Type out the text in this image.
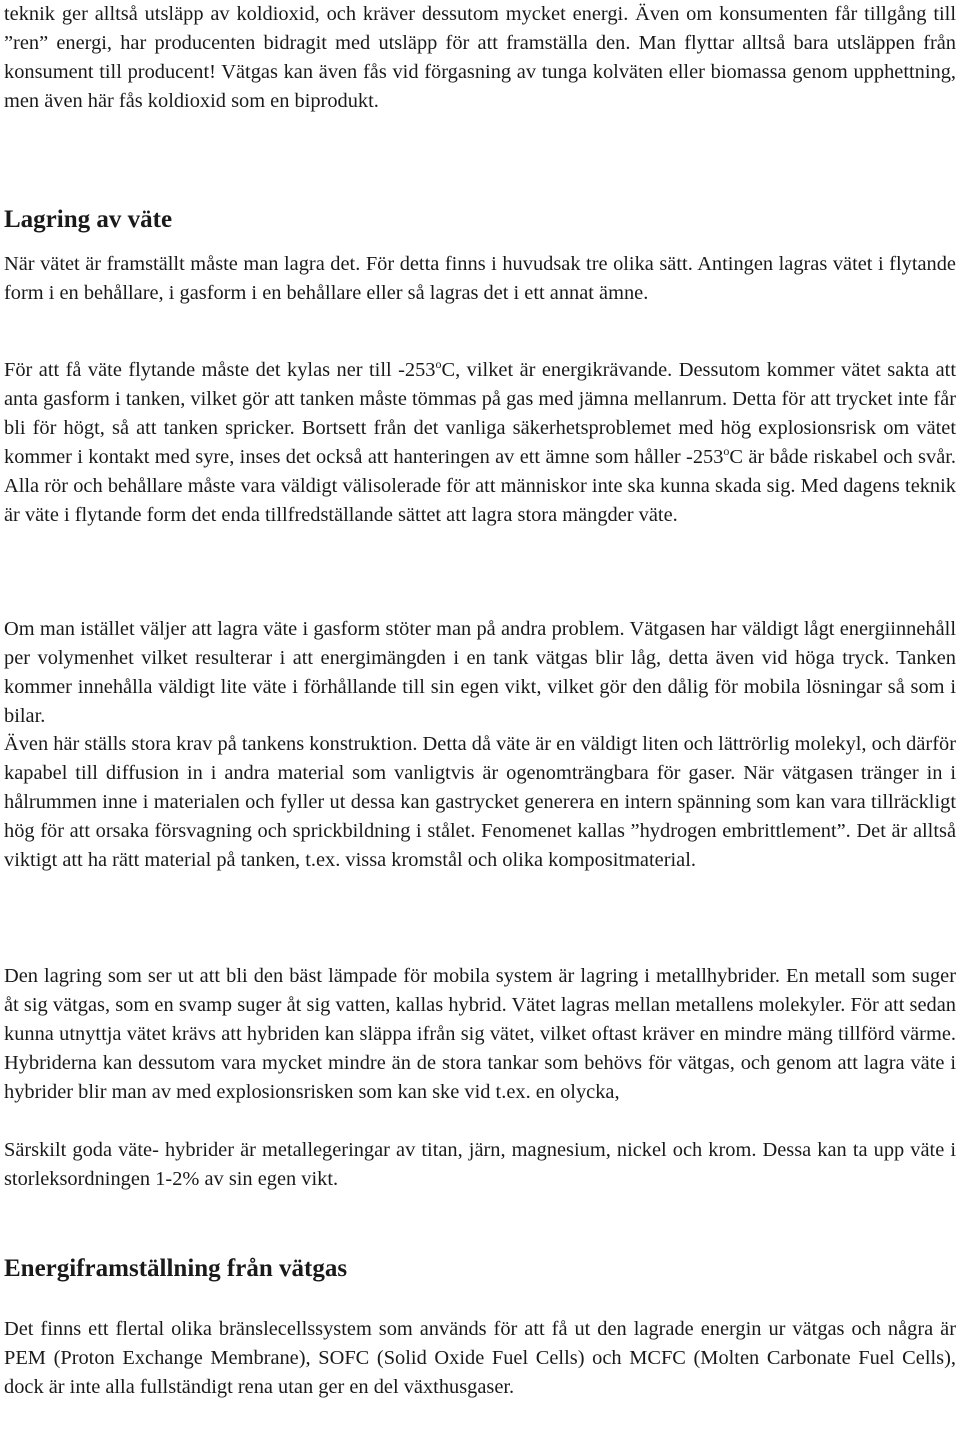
teknik ger alltså utsläpp av koldioxid, och kräver dessutom mycket energi. Även om konsumenten får tillgång till ”ren” energi, har producenten bidragit med utsläpp för att framställa den. Man flyttar alltså bara utsläppen från konsument till producent! Vätgas kan även fås vid förgasning av tunga kolväten eller biomassa genom upphettning, men även här fås koldioxid som en biprodukt.

Lagring av väte

När vätet är framställt måste man lagra det. För detta finns i huvudsak tre olika sätt. Antingen lagras vätet i flytande form i en behållare, i gasform i en behållare eller så lagras det i ett annat ämne.

För att få väte flytande måste det kylas ner till -253$^o$C, vilket är energikrävande. Dessutom kommer vätet sakta att anta gasform i tanken, vilket gör att tanken måste tömmas på gas med jämna mellanrum. Detta för att trycket inte får bli för högt, så att tanken spricker. Bortsett från det vanliga säkerhetsproblemet med hög explosionsrisk om vätet kommer i kontakt med syre, inses det också att hanteringen av ett ämne som håller -253$^o$C är både riskabel och svår. Alla rör och behållare måste vara väldigt välisolerade för att människor inte ska kunna skada sig. Med dagens teknik är väte i flytande form det enda tillfredställande sättet att lagra stora mängder väte.

Om man istället väljer att lagra väte i gasform stöter man på andra problem. Vätgasen har väldigt lågt energiinnehåll per volymenhet vilket resulterar i att energimängden i en tank vätgas blir låg, detta även vid höga tryck. Tanken kommer innehålla väldigt lite väte i förhållande till sin egen vikt, vilket gör den dålig för mobila lösningar så som i bilar.

Även här ställs stora krav på tankens konstruktion. Detta då väte är en väldigt liten och lättrörlig molekyl, och därför kapabel till diffusion in i andra material som vanligtvis är ogenomträngbara för gaser. När vätgasen tränger in i hålrummen inne i materialen och fyller ut dessa kan gastrycket generera en intern spänning som kan vara tillräckligt hög för att orsaka försvagning och sprickbildning i stålet. Fenomenet kallas ”hydrogen embrittlement”. Det är alltså viktigt att ha rätt material på tanken, t.ex. vissa kromstål och olika kompositmaterial.

Den lagring som ser ut att bli den bäst lämpade för mobila system är lagring i metallhybrider. En metall som suger åt sig vätgas, som en svamp suger åt sig vatten, kallas hybrid. Vätet lagras mellan metallens molekyler. För att sedan kunna utnyttja vätet krävs att hybriden kan släppa ifrån sig vätet, vilket oftast kräver en mindre mäng tillförd värme. Hybriderna kan dessutom vara mycket mindre än de stora tankar som behövs för vätgas, och genom att lagra väte i hybrider blir man av med explosionsrisken som kan ske vid t.ex. en olycka,

Särskilt goda väte- hybrider är metallegeringar av titan, järn, magnesium, nickel och krom. Dessa kan ta upp väte i storleksordningen 1-2% av sin egen vikt.

Energiframställning från vätgas

Det finns ett flertal olika bränslecellssystem som används för att få ut den lagrade energin ur vätgas och några är PEM (Proton Exchange Membrane), SOFC (Solid Oxide Fuel Cells) och MCFC (Molten Carbonate Fuel Cells), dock är inte alla fullständigt rena utan ger en del växthusgaser.
